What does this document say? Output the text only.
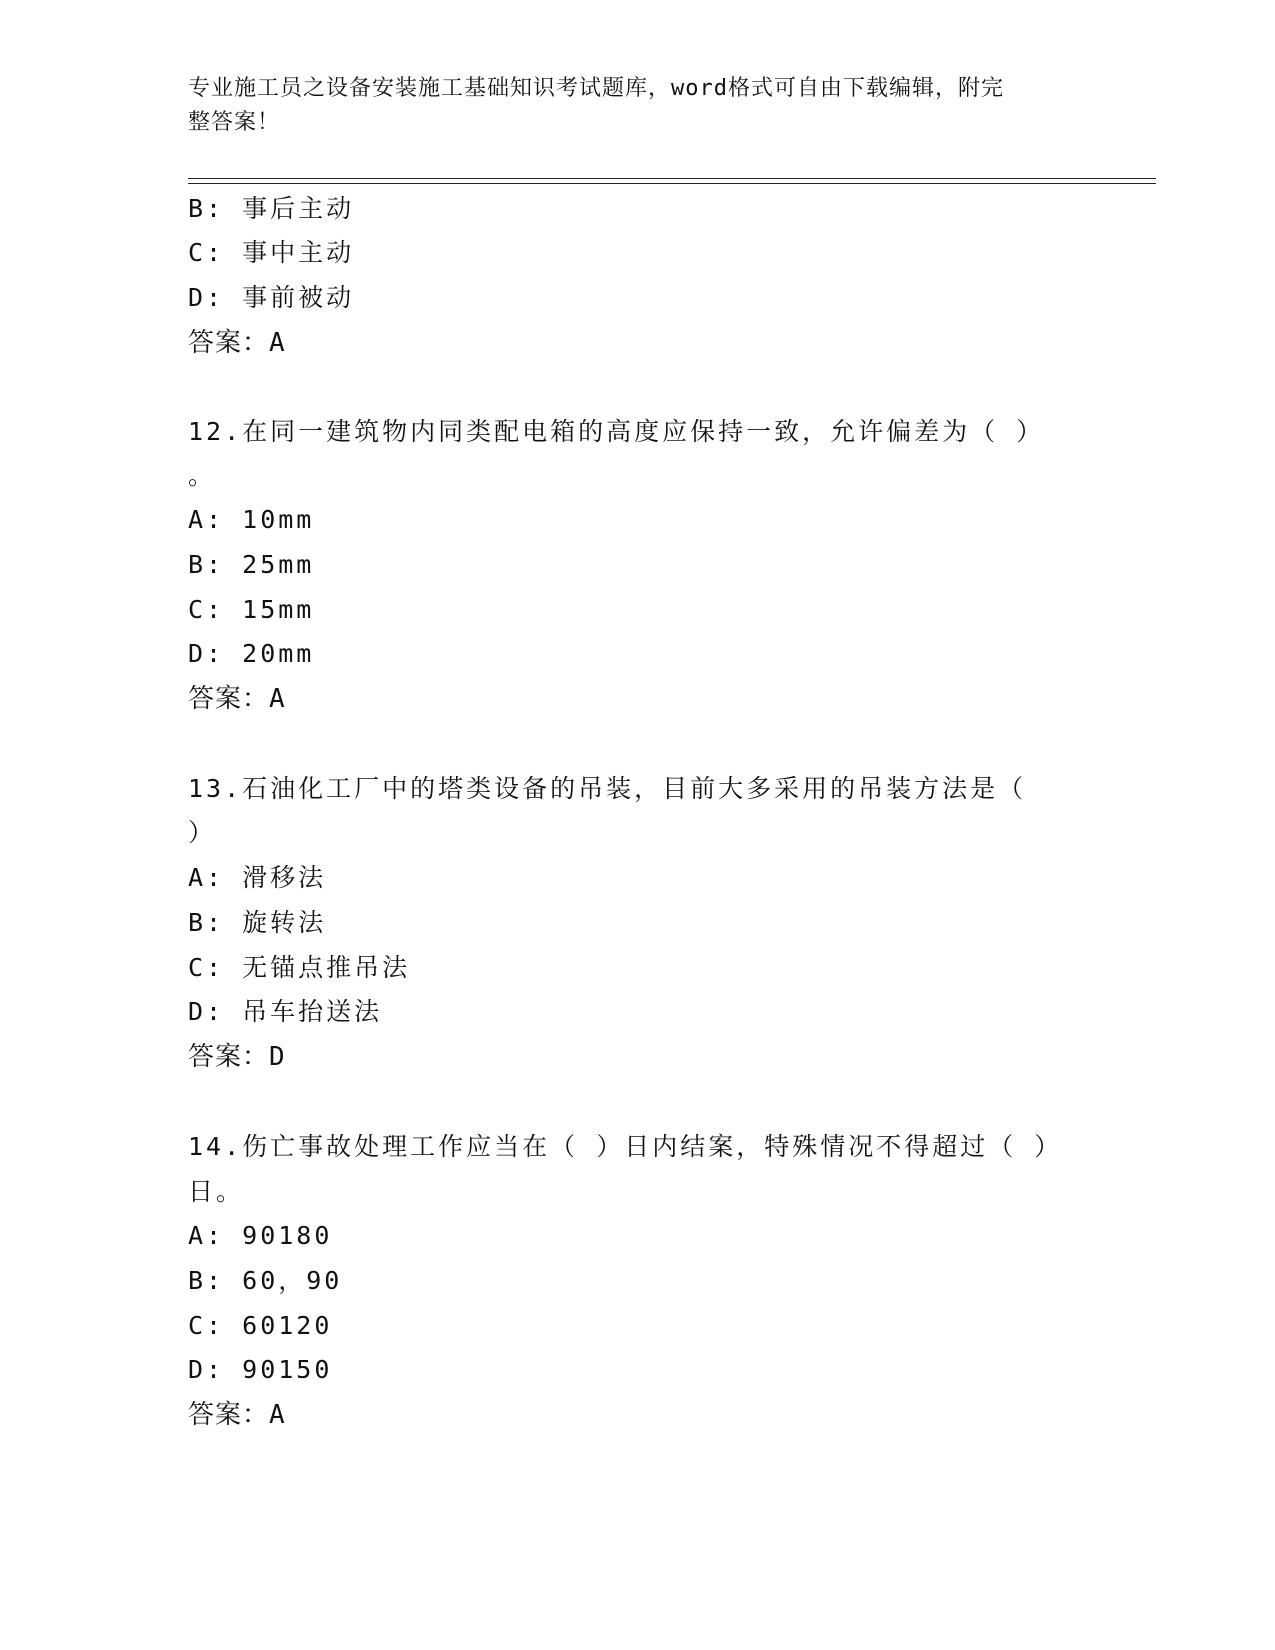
专业施工员之设备安装施工基础知识考试题库，word格式可自由下载编辑，附完
整答案！
B: 事后主动
C: 事中主动
D: 事前被动
答案：A
12.在同一建筑物内同类配电箱的高度应保持一致，允许偏差为（ ）
。
A: 10mm
B: 25mm
C: 15mm
D: 20mm
答案：A
13.石油化工厂中的塔类设备的吊装，目前大多采用的吊装方法是（
）
A: 滑移法
B: 旋转法
C: 无锚点推吊法
D: 吊车抬送法
答案：D
14.伤亡事故处理工作应当在（ ）日内结案，特殊情况不得超过（ ）
日。
A: 90180
B: 60，90
C: 60120
D: 90150
答案：A
